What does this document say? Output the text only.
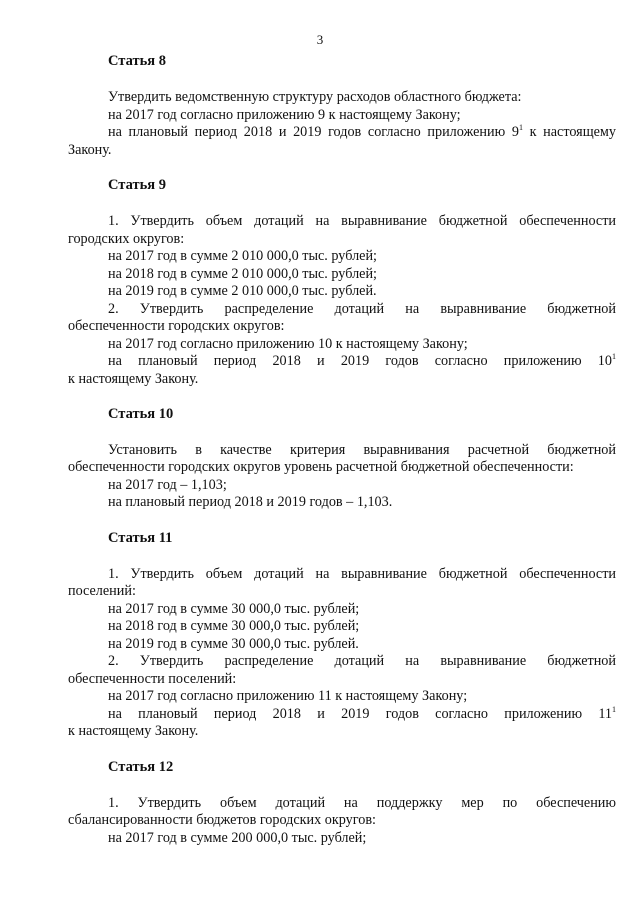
3
Статья 8
Утвердить ведомственную структуру расходов областного бюджета:
на 2017 год согласно приложению 9 к настоящему Закону;
на плановый период 2018 и 2019 годов согласно приложению $9^1$ к настоящему
Закону.
Статья 9
1. Утвердить объем дотаций на выравнивание бюджетной обеспеченности
городских округов:
на 2017 год в сумме 2 010 000,0 тыс. рублей;
на 2018 год в сумме 2 010 000,0 тыс. рублей;
на 2019 год в сумме 2 010 000,0 тыс. рублей.
2. Утвердить распределение дотаций на выравнивание бюджетной
обеспеченности городских округов:
на 2017 год согласно приложению 10 к настоящему Закону;
на плановый период 2018 и 2019 годов согласно приложению $10^1$
к настоящему Закону.
Статья 10
Установить в качестве критерия выравнивания расчетной бюджетной
обеспеченности городских округов уровень расчетной бюджетной обеспеченности:
на 2017 год – 1,103;
на плановый период 2018 и 2019 годов – 1,103.
Статья 11
1. Утвердить объем дотаций на выравнивание бюджетной обеспеченности
поселений:
на 2017 год в сумме 30 000,0 тыс. рублей;
на 2018 год в сумме 30 000,0 тыс. рублей;
на 2019 год в сумме 30 000,0 тыс. рублей.
2. Утвердить распределение дотаций на выравнивание бюджетной
обеспеченности поселений:
на 2017 год согласно приложению 11 к настоящему Закону;
на плановый период 2018 и 2019 годов согласно приложению $11^1$
к настоящему Закону.
Статья 12
1. Утвердить объем дотаций на поддержку мер по обеспечению
сбалансированности бюджетов городских округов:
на 2017 год в сумме 200 000,0 тыс. рублей;
